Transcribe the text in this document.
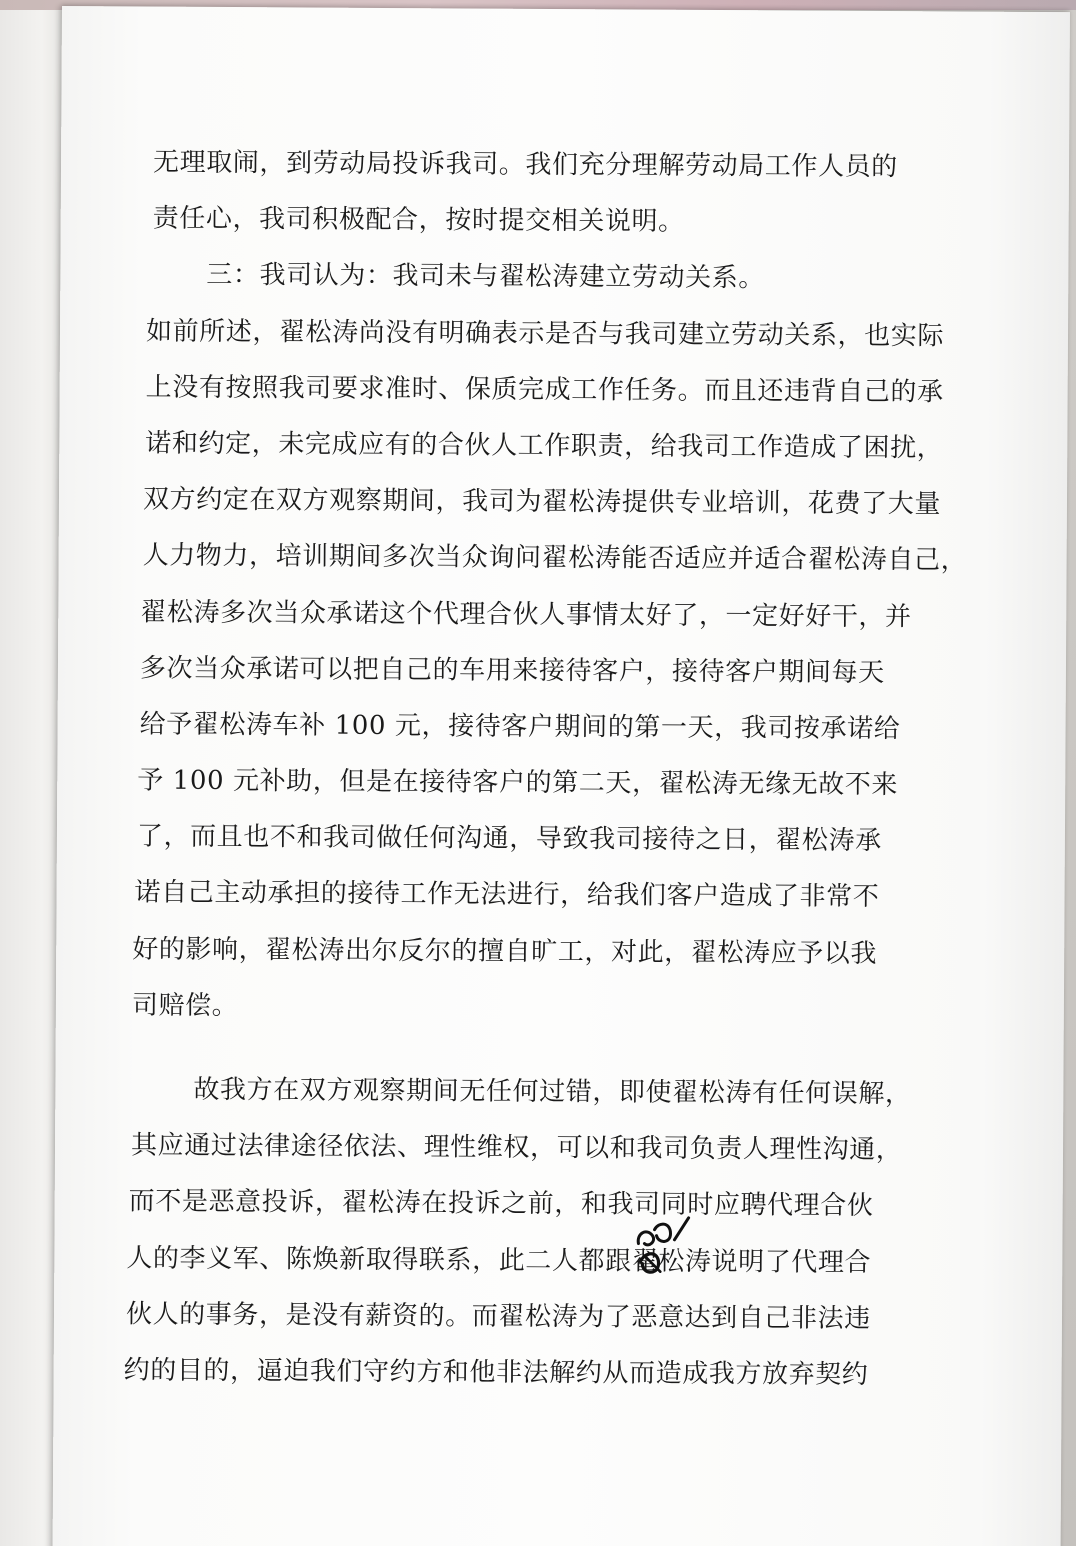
无理取闹，到劳动局投诉我司。我们充分理解劳动局工作人员的
责任心，我司积极配合，按时提交相关说明。
三：我司认为：我司未与翟松涛建立劳动关系。
如前所述，翟松涛尚没有明确表示是否与我司建立劳动关系，也实际
上没有按照我司要求准时、保质完成工作任务。而且还违背自己的承
诺和约定，未完成应有的合伙人工作职责，给我司工作造成了困扰，
双方约定在双方观察期间，我司为翟松涛提供专业培训，花费了大量
人力物力，培训期间多次当众询问翟松涛能否适应并适合翟松涛自己，
翟松涛多次当众承诺这个代理合伙人事情太好了，一定好好干，并
多次当众承诺可以把自己的车用来接待客户，接待客户期间每天
给予翟松涛车补 100 元，接待客户期间的第一天，我司按承诺给
予 100 元补助，但是在接待客户的第二天，翟松涛无缘无故不来
了，而且也不和我司做任何沟通，导致我司接待之日，翟松涛承
诺自己主动承担的接待工作无法进行，给我们客户造成了非常不
好的影响，翟松涛出尔反尔的擅自旷工，对此，翟松涛应予以我
司赔偿。
故我方在双方观察期间无任何过错，即使翟松涛有任何误解，
其应通过法律途径依法、理性维权，可以和我司负责人理性沟通，
而不是恶意投诉，翟松涛在投诉之前，和我司同时应聘代理合伙
人的李义军、陈焕新取得联系，此二人都跟翟松涛说明了代理合
伙人的事务，是没有薪资的。而翟松涛为了恶意达到自己非法违
约的目的，逼迫我们守约方和他非法解约从而造成我方放弃契约
